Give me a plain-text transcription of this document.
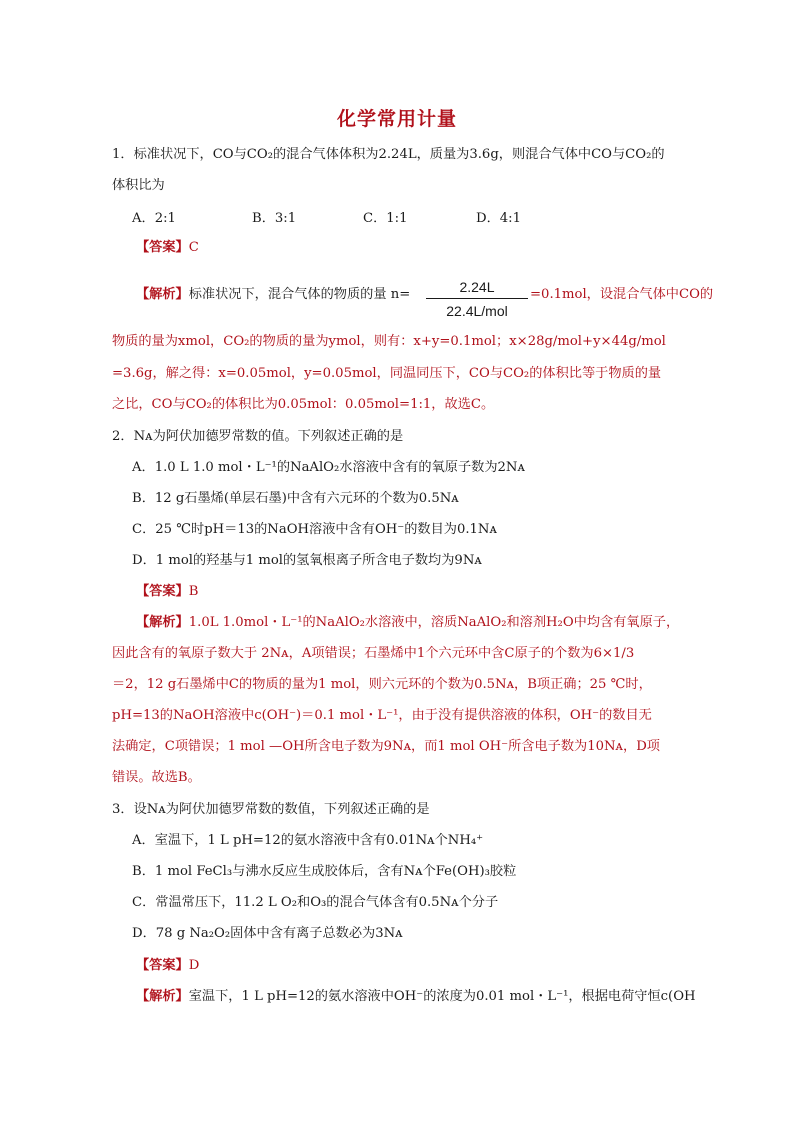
化学常用计量
1．标准状况下，CO与CO₂的混合气体体积为2.24L，质量为3.6g，则混合气体中CO与CO₂的
体积比为
A．2:1	B．3:1	C．1:1	D．4:1
【答案】C
【解析】标准状况下，混合气体的物质的量 n=	2.24L
22.4L/mol
=0.1mol，设混合气体中CO的
物质的量为xmol，CO₂的物质的量为ymol，则有：x+y=0.1mol；x×28g/mol+y×44g/mol
=3.6g，解之得：x=0.05mol，y=0.05mol，同温同压下，CO与CO₂的体积比等于物质的量
之比，CO与CO₂的体积比为0.05mol：0.05mol=1:1，故选C。
2．Nᴀ为阿伏加德罗常数的值。下列叙述正确的是
A．1.0 L 1.0 mol・L⁻¹的NaAlO₂水溶液中含有的氧原子数为2Nᴀ
B．12 g石墨烯(单层石墨)中含有六元环的个数为0.5Nᴀ
C．25 ℃时pH＝13的NaOH溶液中含有OH⁻的数目为0.1Nᴀ
D．1 mol的羟基与1 mol的氢氧根离子所含电子数均为9Nᴀ
【答案】B
【解析】1.0L 1.0mol・L⁻¹的NaAlO₂水溶液中，溶质NaAlO₂和溶剂H₂O中均含有氧原子，
因此含有的氧原子数大于 2Nᴀ，A项错误；石墨烯中1个六元环中含C原子的个数为6×1/3
＝2，12 g石墨烯中C的物质的量为1 mol，则六元环的个数为0.5Nᴀ，B项正确；25 ℃时，
pH=13的NaOH溶液中c(OH⁻)＝0.1 mol・L⁻¹，由于没有提供溶液的体积，OH⁻的数目无
法确定，C项错误；1 mol —OH所含电子数为9Nᴀ，而1 mol OH⁻所含电子数为10Nᴀ，D项
错误。故选B。
3．设Nᴀ为阿伏加德罗常数的数值，下列叙述正确的是
A．室温下，1 L pH=12的氨水溶液中含有0.01Nᴀ个NH₄⁺
B．1 mol FeCl₃与沸水反应生成胶体后，含有Nᴀ个Fe(OH)₃胶粒
C．常温常压下，11.2 L O₂和O₃的混合气体含有0.5Nᴀ个分子
D．78 g Na₂O₂固体中含有离子总数必为3Nᴀ
【答案】D
【解析】室温下，1 L pH=12的氨水溶液中OH⁻的浓度为0.01 mol・L⁻¹，根据电荷守恒c(OH
